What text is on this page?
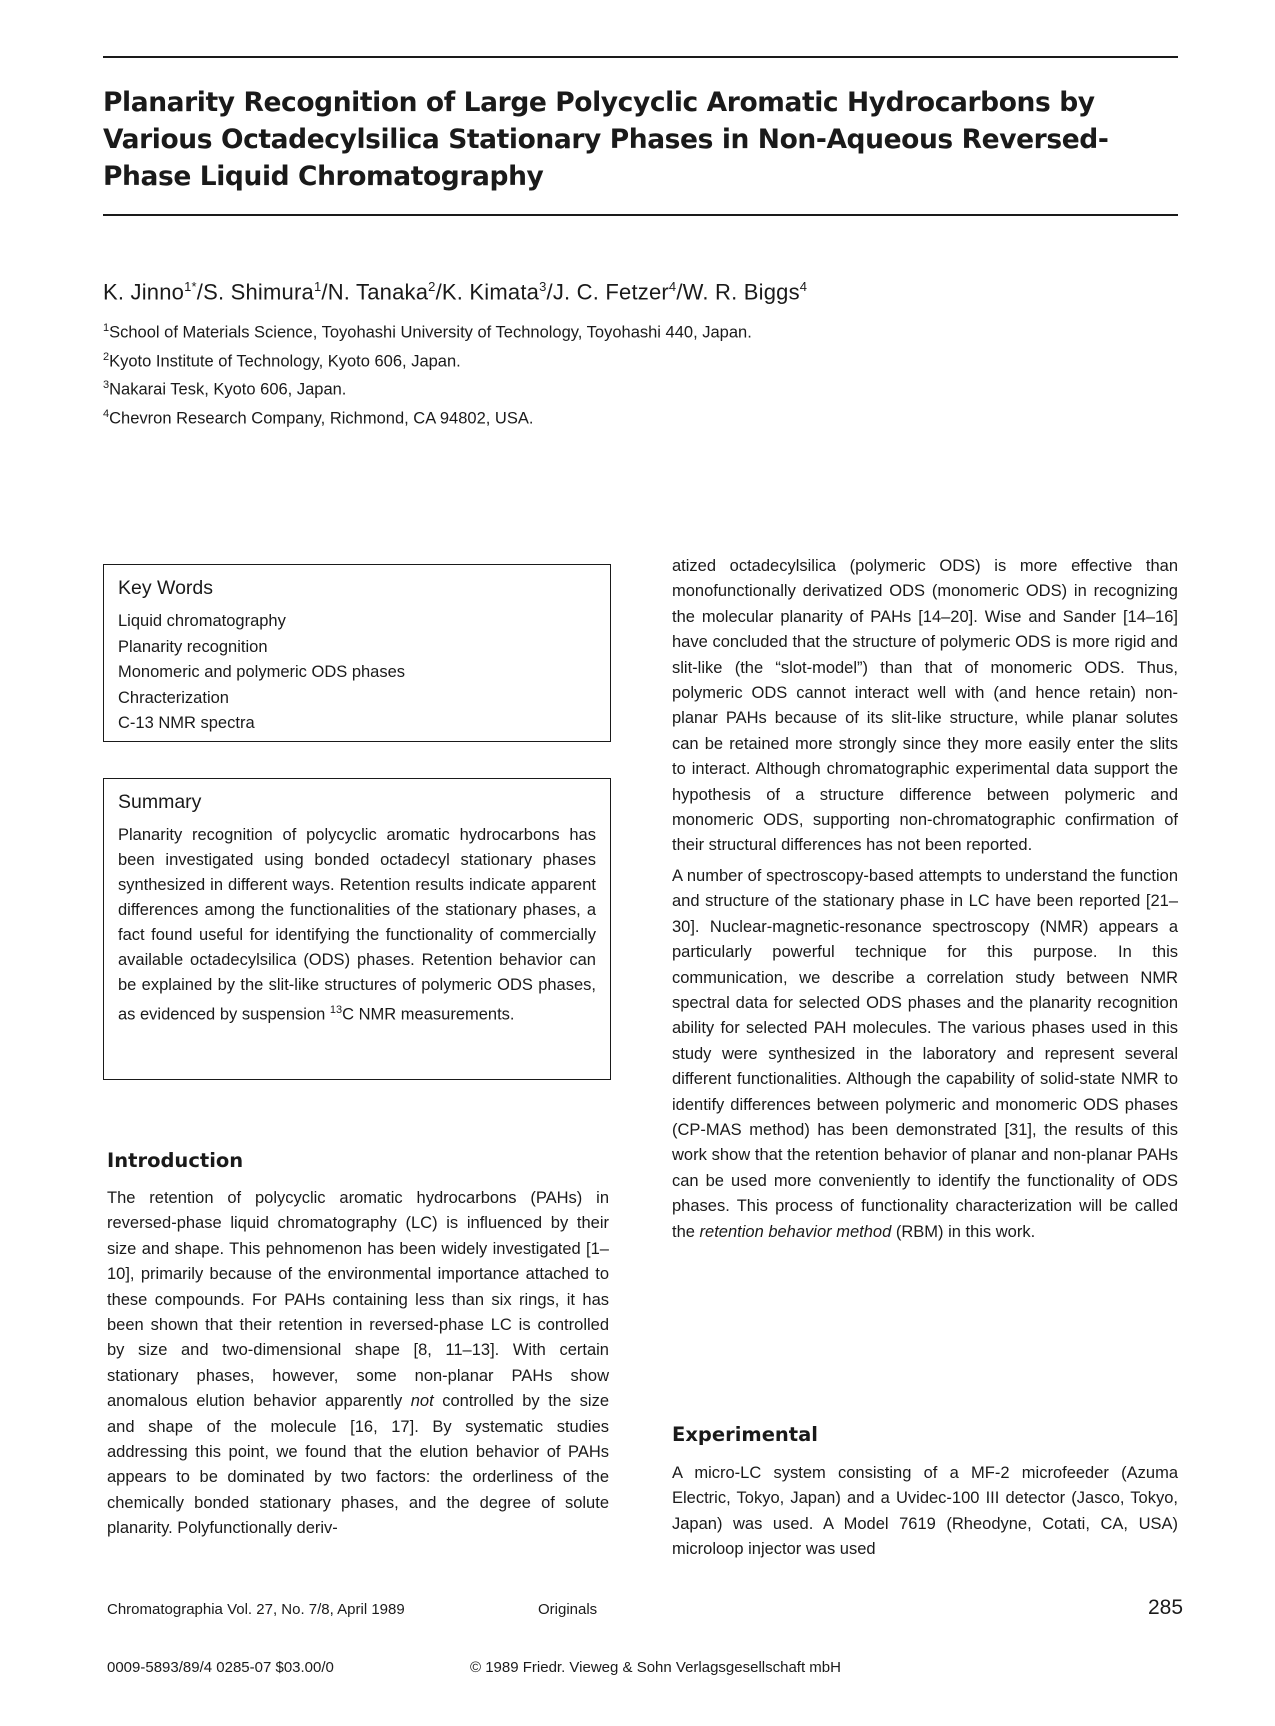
Planarity Recognition of Large Polycyclic Aromatic Hydrocarbons by Various Octadecylsilica Stationary Phases in Non-Aqueous Reversed-Phase Liquid Chromatography
K. Jinno$^{1*}$/S. Shimura$^1$/N. Tanaka$^2$/K. Kimata$^3$/J. C. Fetzer$^4$/W. R. Biggs$^4$
$^1$School of Materials Science, Toyohashi University of Technology, Toyohashi 440, Japan.
$^2$Kyoto Institute of Technology, Kyoto 606, Japan.
$^3$Nakarai Tesk, Kyoto 606, Japan.
$^4$Chevron Research Company, Richmond, CA 94802, USA.
Key Words
Liquid chromatography
Planarity recognition
Monomeric and polymeric ODS phases
Chracterization
C-13 NMR spectra
Summary
Planarity recognition of polycyclic aromatic hydrocarbons has been investigated using bonded octadecyl stationary phases synthesized in different ways. Retention results indicate apparent differences among the functionalities of the stationary phases, a fact found useful for identifying the functionality of commercially available octadecylsilica (ODS) phases. Retention behavior can be explained by the slit-like structures of polymeric ODS phases, as evidenced by suspension $^{13}$C NMR measurements.
Introduction

The retention of polycyclic aromatic hydrocarbons (PAHs) in reversed-phase liquid chromatography (LC) is influenced by their size and shape. This pehnomenon has been widely investigated [1–10], primarily because of the environmental importance attached to these compounds. For PAHs containing less than six rings, it has been shown that their retention in reversed-phase LC is controlled by size and two-dimensional shape [8, 11–13]. With certain stationary phases, however, some non-planar PAHs show anomalous elution behavior apparently not controlled by the size and shape of the molecule [16, 17]. By systematic studies addressing this point, we found that the elution behavior of PAHs appears to be dominated by two factors: the orderliness of the chemically bonded stationary phases, and the degree of solute planarity. Polyfunctionally deriv-

atized octadecylsilica (polymeric ODS) is more effective than monofunctionally derivatized ODS (monomeric ODS) in recognizing the molecular planarity of PAHs [14–20]. Wise and Sander [14–16] have concluded that the structure of polymeric ODS is more rigid and slit-like (the “slot-model”) than that of monomeric ODS. Thus, polymeric ODS cannot interact well with (and hence retain) non-planar PAHs because of its slit-like structure, while planar solutes can be retained more strongly since they more easily enter the slits to interact. Although chromatographic experimental data support the hypothesis of a structure difference between polymeric and monomeric ODS, supporting non-chromatographic confirmation of their structural differences has not been reported.

A number of spectroscopy-based attempts to understand the function and structure of the stationary phase in LC have been reported [21–30]. Nuclear-magnetic-resonance spectroscopy (NMR) appears a particularly powerful technique for this purpose. In this communication, we describe a correlation study between NMR spectral data for selected ODS phases and the planarity recognition ability for selected PAH molecules. The various phases used in this study were synthesized in the laboratory and represent several different functionalities. Although the capability of solid-state NMR to identify differences between polymeric and monomeric ODS phases (CP-MAS method) has been demonstrated [31], the results of this work show that the retention behavior of planar and non-planar PAHs can be used more conveniently to identify the functionality of ODS phases. This process of functionality characterization will be called the retention behavior method (RBM) in this work.

Experimental

A micro-LC system consisting of a MF-2 microfeeder (Azuma Electric, Tokyo, Japan) and a Uvidec-100 III detector (Jasco, Tokyo, Japan) was used. A Model 7619 (Rheodyne, Cotati, CA, USA) microloop injector was used

Chromatographia Vol. 27, No. 7/8, April 1989	Originals	285
0009-5893/89/4 0285-07 $03.00/0	© 1989 Friedr. Vieweg & Sohn Verlagsgesellschaft mbH
